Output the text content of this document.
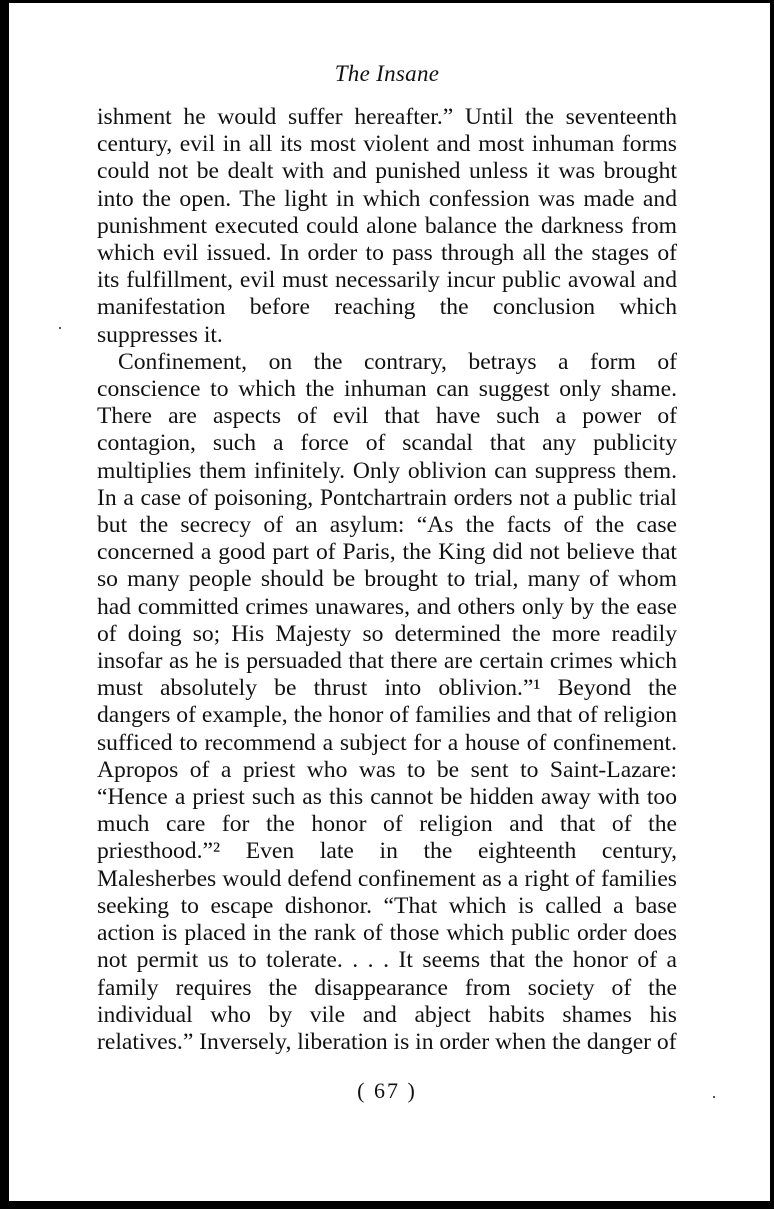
The Insane

ishment he would suffer hereafter.” Until the seventeenth century, evil in all its most violent and most inhuman forms could not be dealt with and punished unless it was brought into the open. The light in which confession was made and punishment executed could alone balance the darkness from which evil issued. In order to pass through all the stages of its fulfillment, evil must necessarily incur public avowal and manifestation before reaching the conclusion which suppresses it.

Confinement, on the contrary, betrays a form of conscience to which the inhuman can suggest only shame. There are aspects of evil that have such a power of contagion, such a force of scandal that any publicity multiplies them infinitely. Only oblivion can suppress them. In a case of poisoning, Pontchartrain orders not a public trial but the secrecy of an asylum: “As the facts of the case concerned a good part of Paris, the King did not believe that so many people should be brought to trial, many of whom had committed crimes unawares, and others only by the ease of doing so; His Majesty so determined the more readily insofar as he is persuaded that there are certain crimes which must absolutely be thrust into oblivion.”¹ Beyond the dangers of example, the honor of families and that of religion sufficed to recommend a subject for a house of confinement. Apropos of a priest who was to be sent to Saint-Lazare: “Hence a priest such as this cannot be hidden away with too much care for the honor of religion and that of the priesthood.”² Even late in the eighteenth century, Malesherbes would defend confinement as a right of families seeking to escape dishonor. “That which is called a base action is placed in the rank of those which public order does not permit us to tolerate. . . . It seems that the honor of a family requires the disappearance from society of the individual who by vile and abject habits shames his relatives.” Inversely, liberation is in order when the danger of

( 67 )
